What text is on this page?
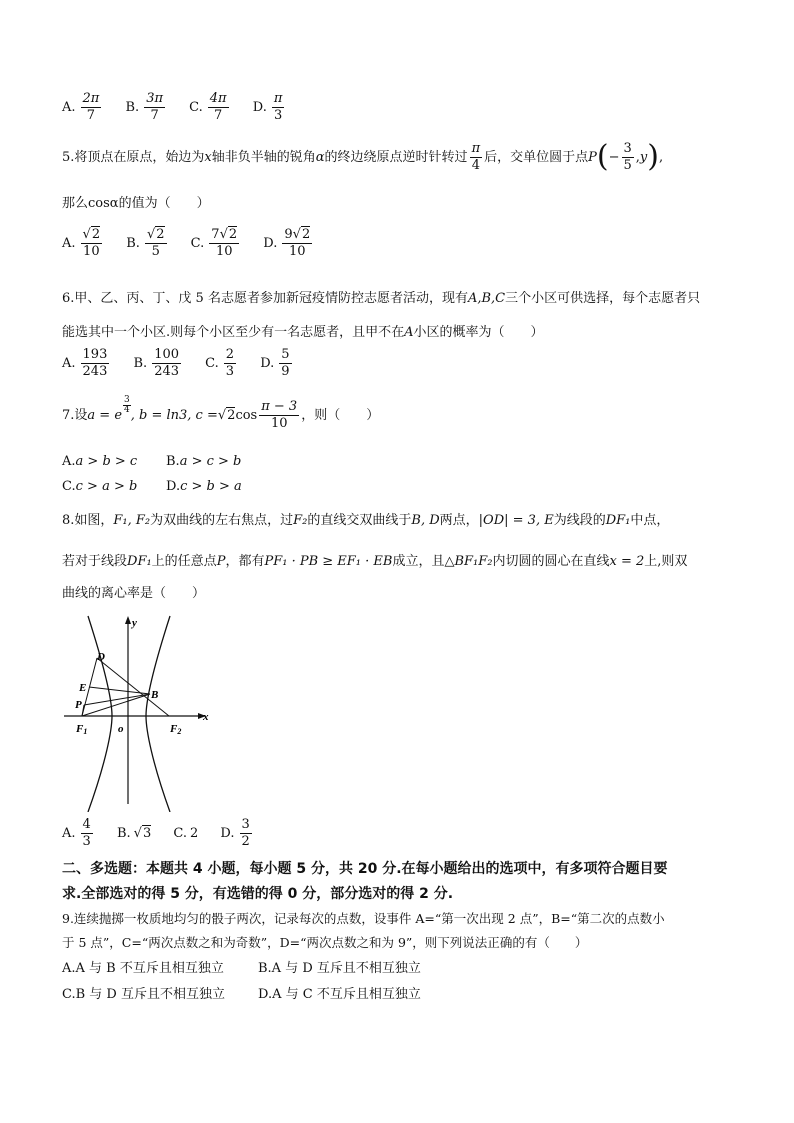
A. $\frac{2\pi}{7}$
B. $\frac{3\pi}{7}$
C. $\frac{4\pi}{7}$
D. $\frac{\pi}{3}$
5.将顶点在原点，始边为 x 轴非负半轴的锐角 α 的终边绕原点逆时针转过 $\frac{\pi}{4}$ 后，交单位圆于点 P ( − $\frac{3}{5}$ , y ) ,
那么cosα的值为（　　）
A. $\frac{√2}{10}$
B. $\frac{√2}{5}$
C. $\frac{7√2}{10}$
D. $\frac{9√2}{10}$
6.甲、乙、丙、丁、戊 5 名志愿者参加新冠疫情防控志愿者活动，现有A,B,C三个小区可供选择，每个志愿者只
能选其中一个小区.则每个小区至少有一名志愿者，且甲不在A小区的概率为（　　）
A. $\frac{193}{243}$
B. $\frac{100}{243}$
C. $\frac{2}{3}$
D. $\frac{5}{9}$
7.设 a = e
3
4 , b = ln3, c = √2 $\cos \frac{\pi - 3}{10}$ ，则（　　）
A.a > b > c B.a > c > b
C.c > a > b D.c > b > a
8.如图，F₁, F₂为双曲线的左右焦点，过F₂的直线交双曲线于B, D两点，|OD| = 3, E为线段的DF₁中点，
若对于线段DF₁上的任意点P，都有PF₁ · PB ≥ EF₁ · EB成立，且△BF₁F₂内切圆的圆心在直线x = 2上,则双
曲线的离心率是（　　）
y
x
D
E
P
B
F1	F2
o
A. $\frac{4}{3}$
B. √3
C. 2
D. $\frac{3}{2}$
二、多选题：本题共 4 小题，每小题 5 分，共 20 分.在每小题给出的选项中，有多项符合题目要
求.全部选对的得 5 分，有选错的得 0 分，部分选对的得 2 分.
9.连续抛掷一枚质地均匀的骰子两次，记录每次的点数，设事件 A=“第一次出现 2 点”，B=“第二次的点数小
于 5 点”，C=“两次点数之和为奇数”，D=“两次点数之和为 9”，则下列说法正确的有（　　）
A.A 与 B 不互斥且相互独立	B.A 与 D 互斥且不相互独立
C.B 与 D 互斥且不相互独立	D.A 与 C 不互斥且相互独立
